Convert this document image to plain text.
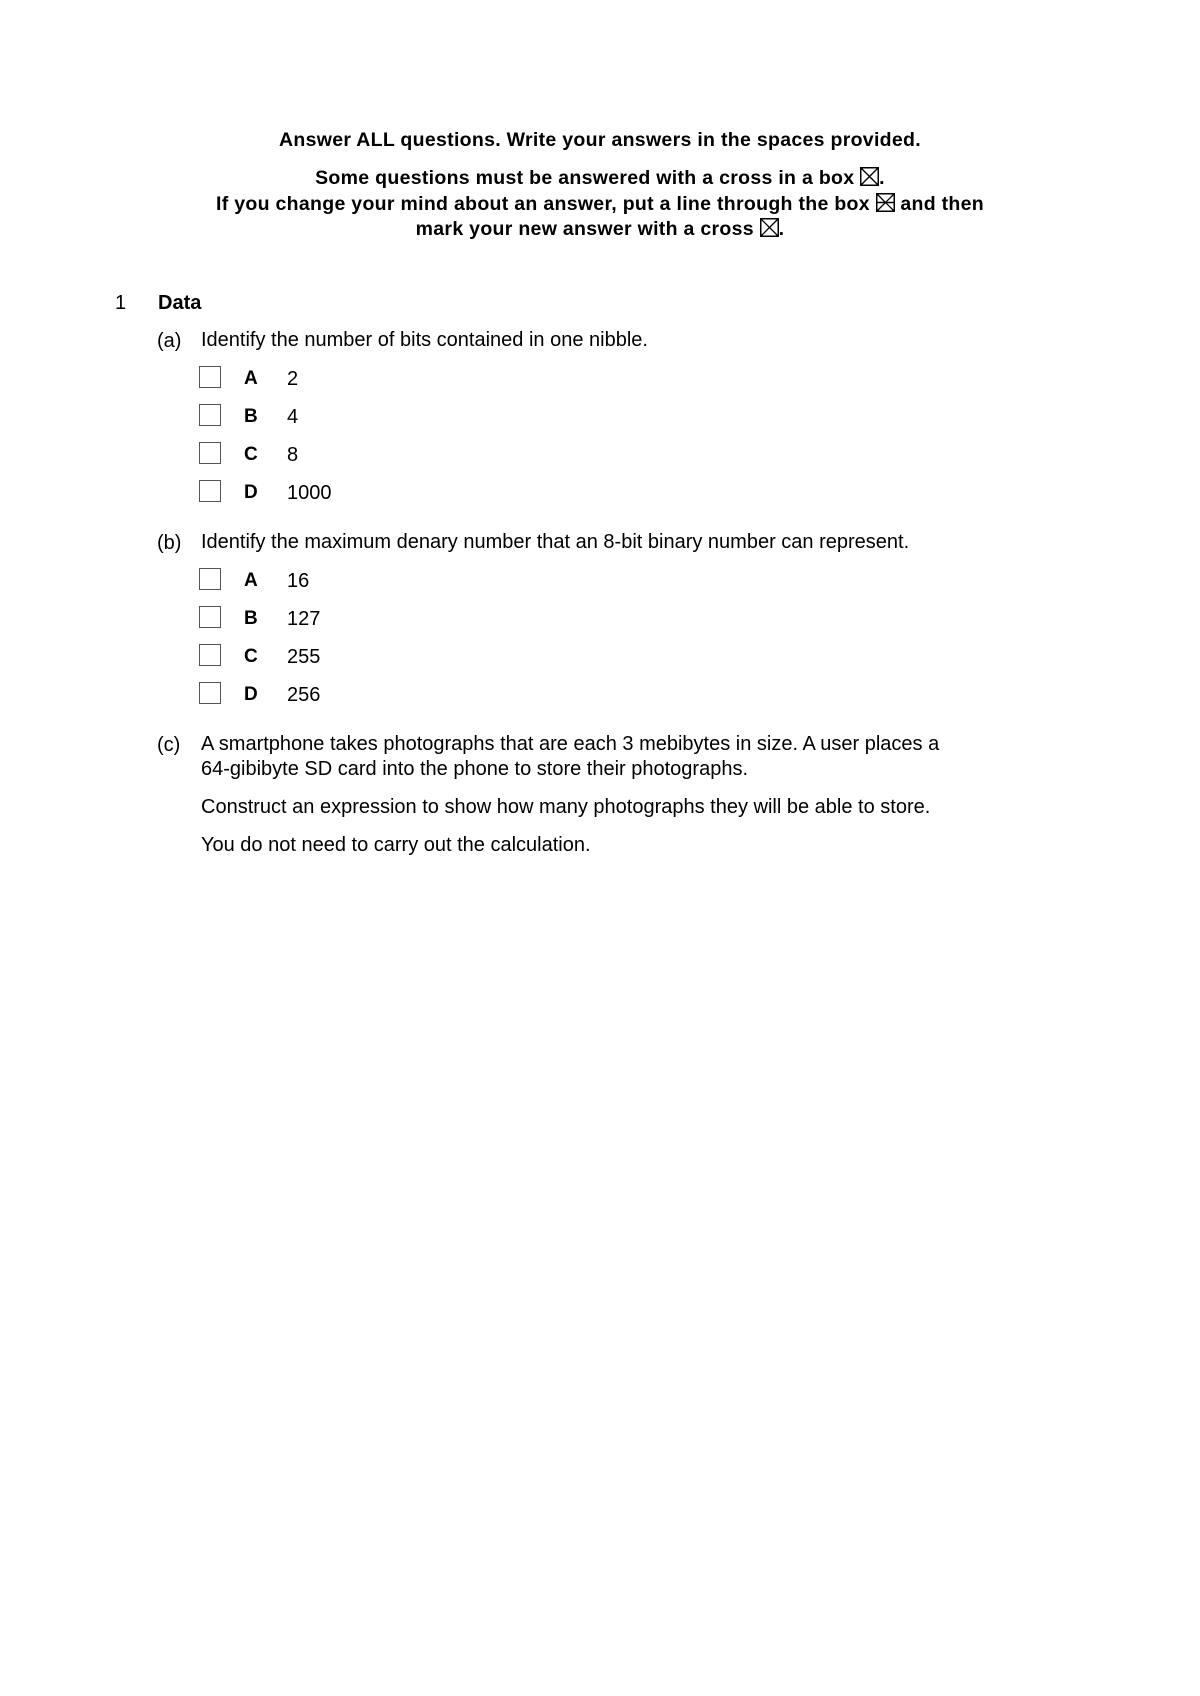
Answer ALL questions. Write your answers in the spaces provided.
Some questions must be answered with a cross in a box ☒.
If you change your mind about an answer, put a line through the box and then
mark your new answer with a cross ☒.
1 Data
(a) Identify the number of bits contained in one nibble.
A 2
B 4
C 8
D 1000
(b) Identify the maximum denary number that an 8-bit binary number can represent.
A 16
B 127
C 255
D 256
(c) A smartphone takes photographs that are each 3 mebibytes in size. A user places a
64-gibibyte SD card into the phone to store their photographs.
Construct an expression to show how many photographs they will be able to store.
You do not need to carry out the calculation.
